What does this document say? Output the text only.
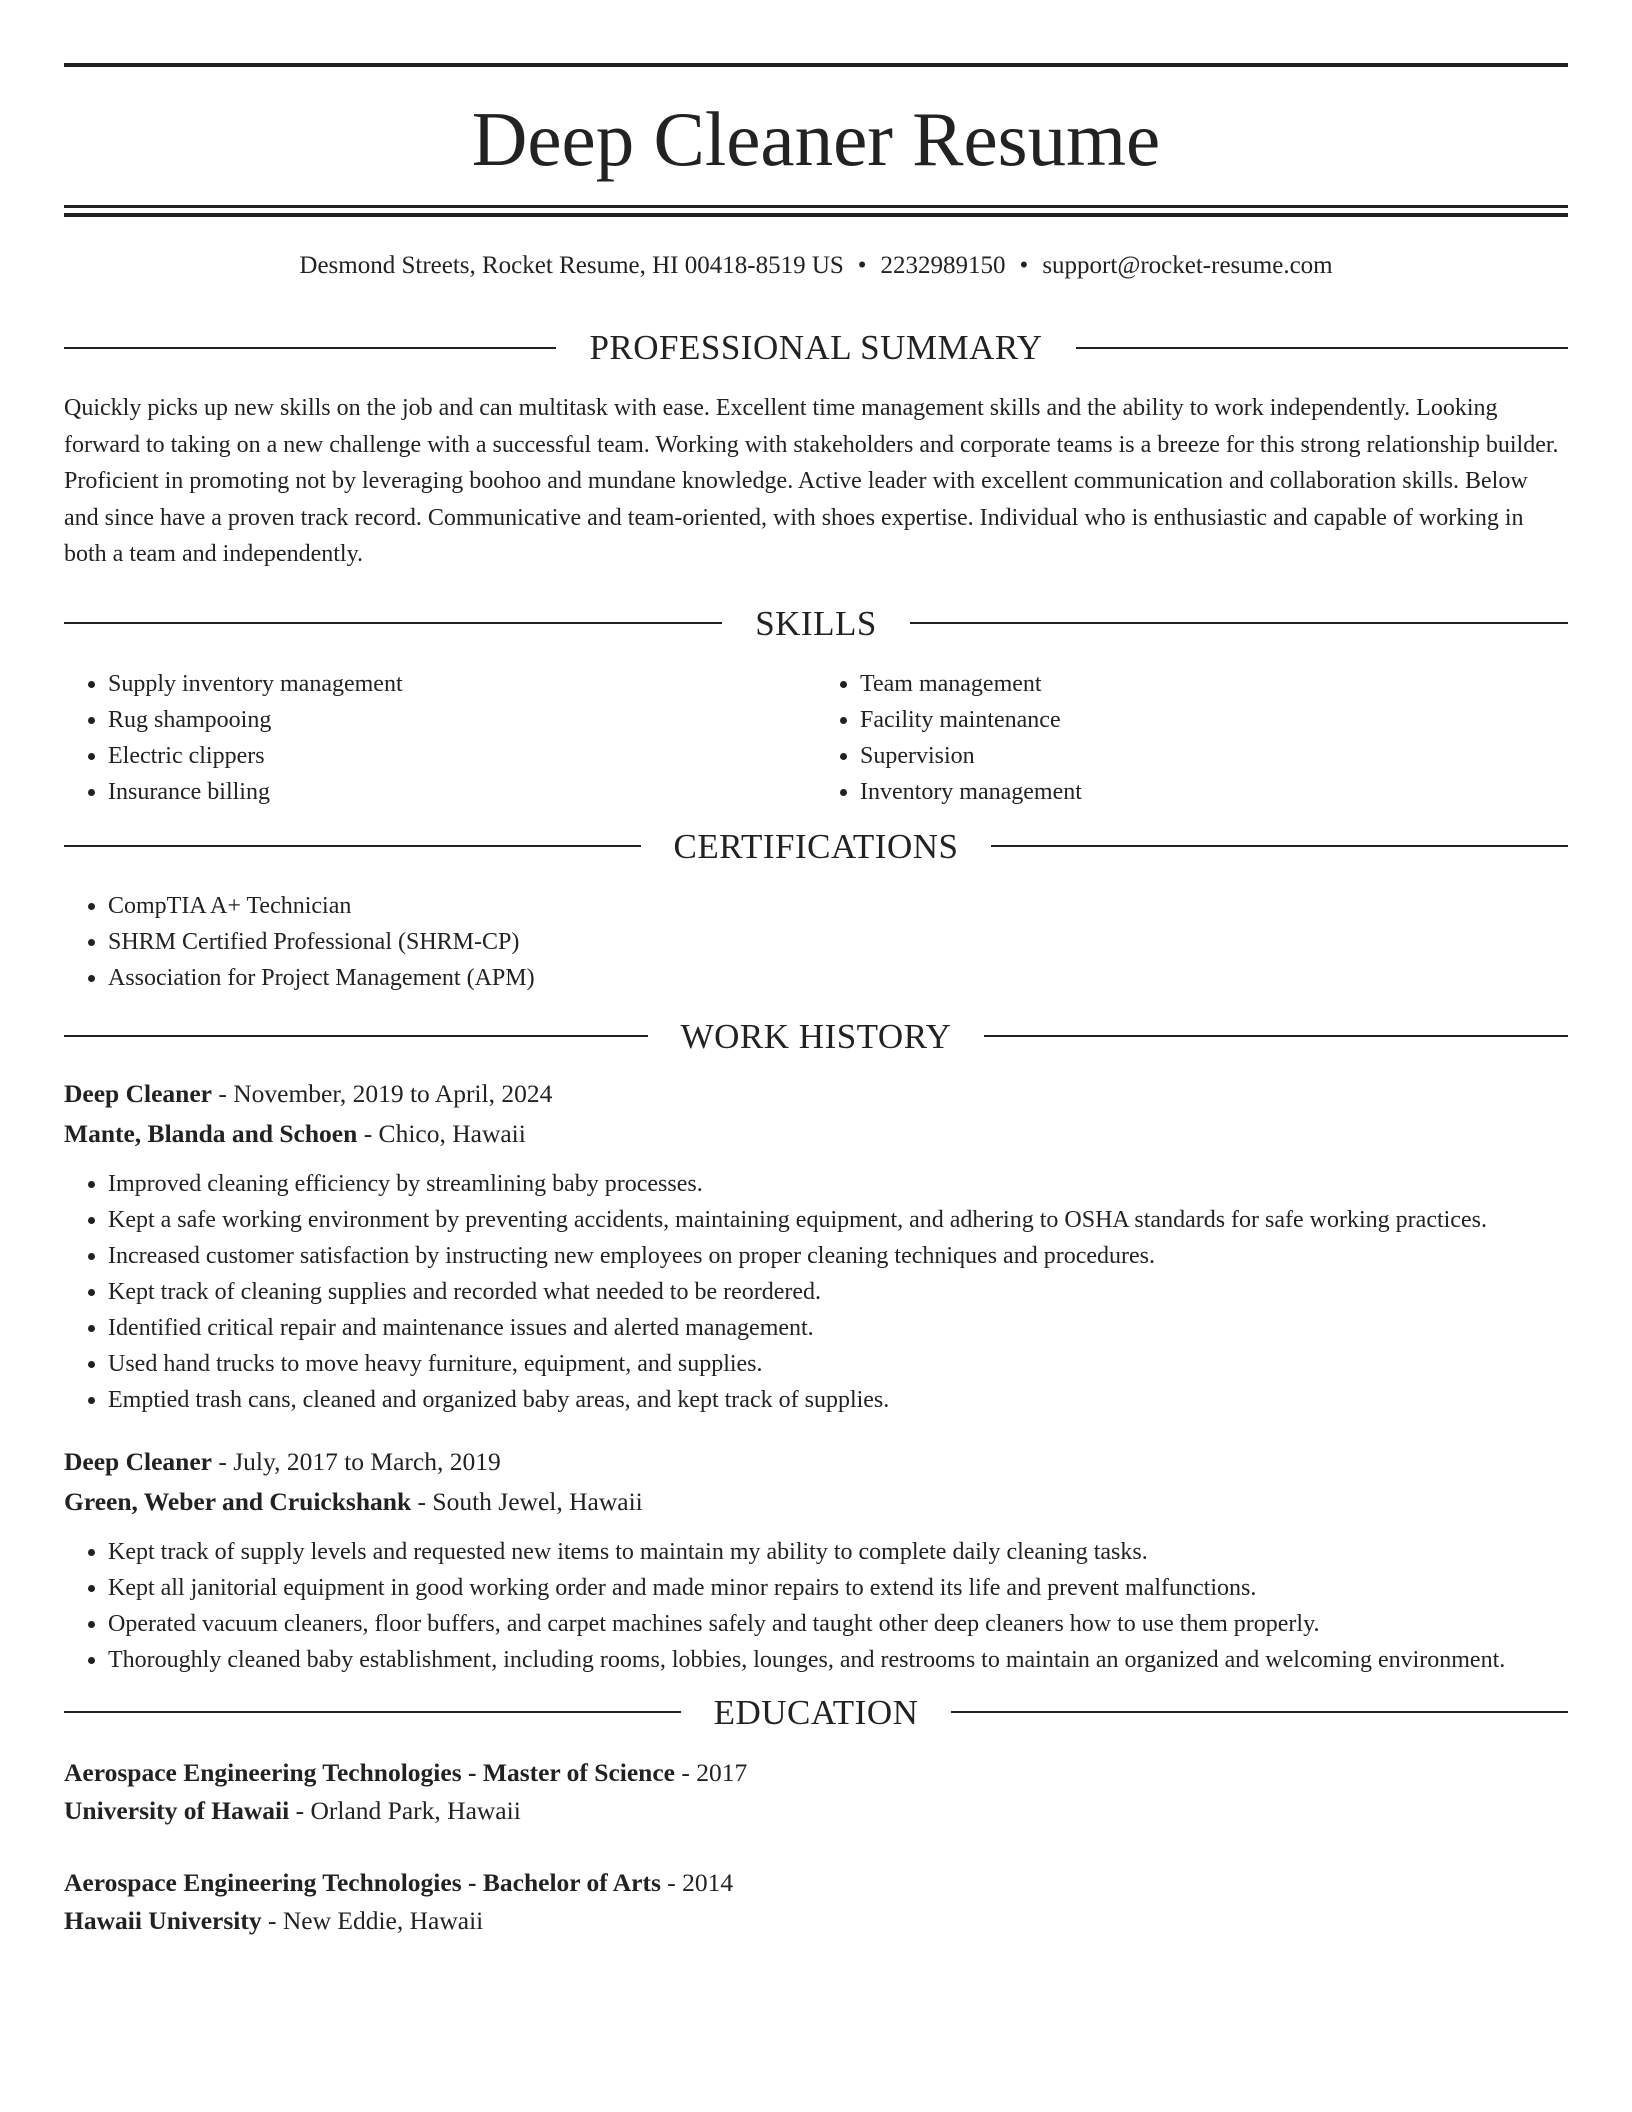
Deep Cleaner Resume
Desmond Streets, Rocket Resume, HI 00418-8519 US • 2232989150 • support@rocket-resume.com
PROFESSIONAL SUMMARY

Quickly picks up new skills on the job and can multitask with ease. Excellent time management skills and the ability to work independently. Looking forward to taking on a new challenge with a successful team. Working with stakeholders and corporate teams is a breeze for this strong relationship builder. Proficient in promoting not by leveraging boohoo and mundane knowledge. Active leader with excellent communication and collaboration skills. Below and since have a proven track record. Communicative and team-oriented, with shoes expertise. Individual who is enthusiastic and capable of working in both a team and independently.

SKILLS
• Supply inventory management
• Rug shampooing
• Electric clippers
• Insurance billing
• Team management
• Facility maintenance
• Supervision
• Inventory management
CERTIFICATIONS
• CompTIA A+ Technician
• SHRM Certified Professional (SHRM-CP)
• Association for Project Management (APM)
WORK HISTORY
Deep Cleaner - November, 2019 to April, 2024
Mante, Blanda and Schoen - Chico, Hawaii
• Improved cleaning efficiency by streamlining baby processes.
• Kept a safe working environment by preventing accidents, maintaining equipment, and adhering to OSHA standards for safe working practices.
• Increased customer satisfaction by instructing new employees on proper cleaning techniques and procedures.
• Kept track of cleaning supplies and recorded what needed to be reordered.
• Identified critical repair and maintenance issues and alerted management.
• Used hand trucks to move heavy furniture, equipment, and supplies.
• Emptied trash cans, cleaned and organized baby areas, and kept track of supplies.
Deep Cleaner - July, 2017 to March, 2019
Green, Weber and Cruickshank - South Jewel, Hawaii
• Kept track of supply levels and requested new items to maintain my ability to complete daily cleaning tasks.
• Kept all janitorial equipment in good working order and made minor repairs to extend its life and prevent malfunctions.
• Operated vacuum cleaners, floor buffers, and carpet machines safely and taught other deep cleaners how to use them properly.
• Thoroughly cleaned baby establishment, including rooms, lobbies, lounges, and restrooms to maintain an organized and welcoming environment.
EDUCATION
Aerospace Engineering Technologies - Master of Science - 2017
University of Hawaii - Orland Park, Hawaii
Aerospace Engineering Technologies - Bachelor of Arts - 2014
Hawaii University - New Eddie, Hawaii
